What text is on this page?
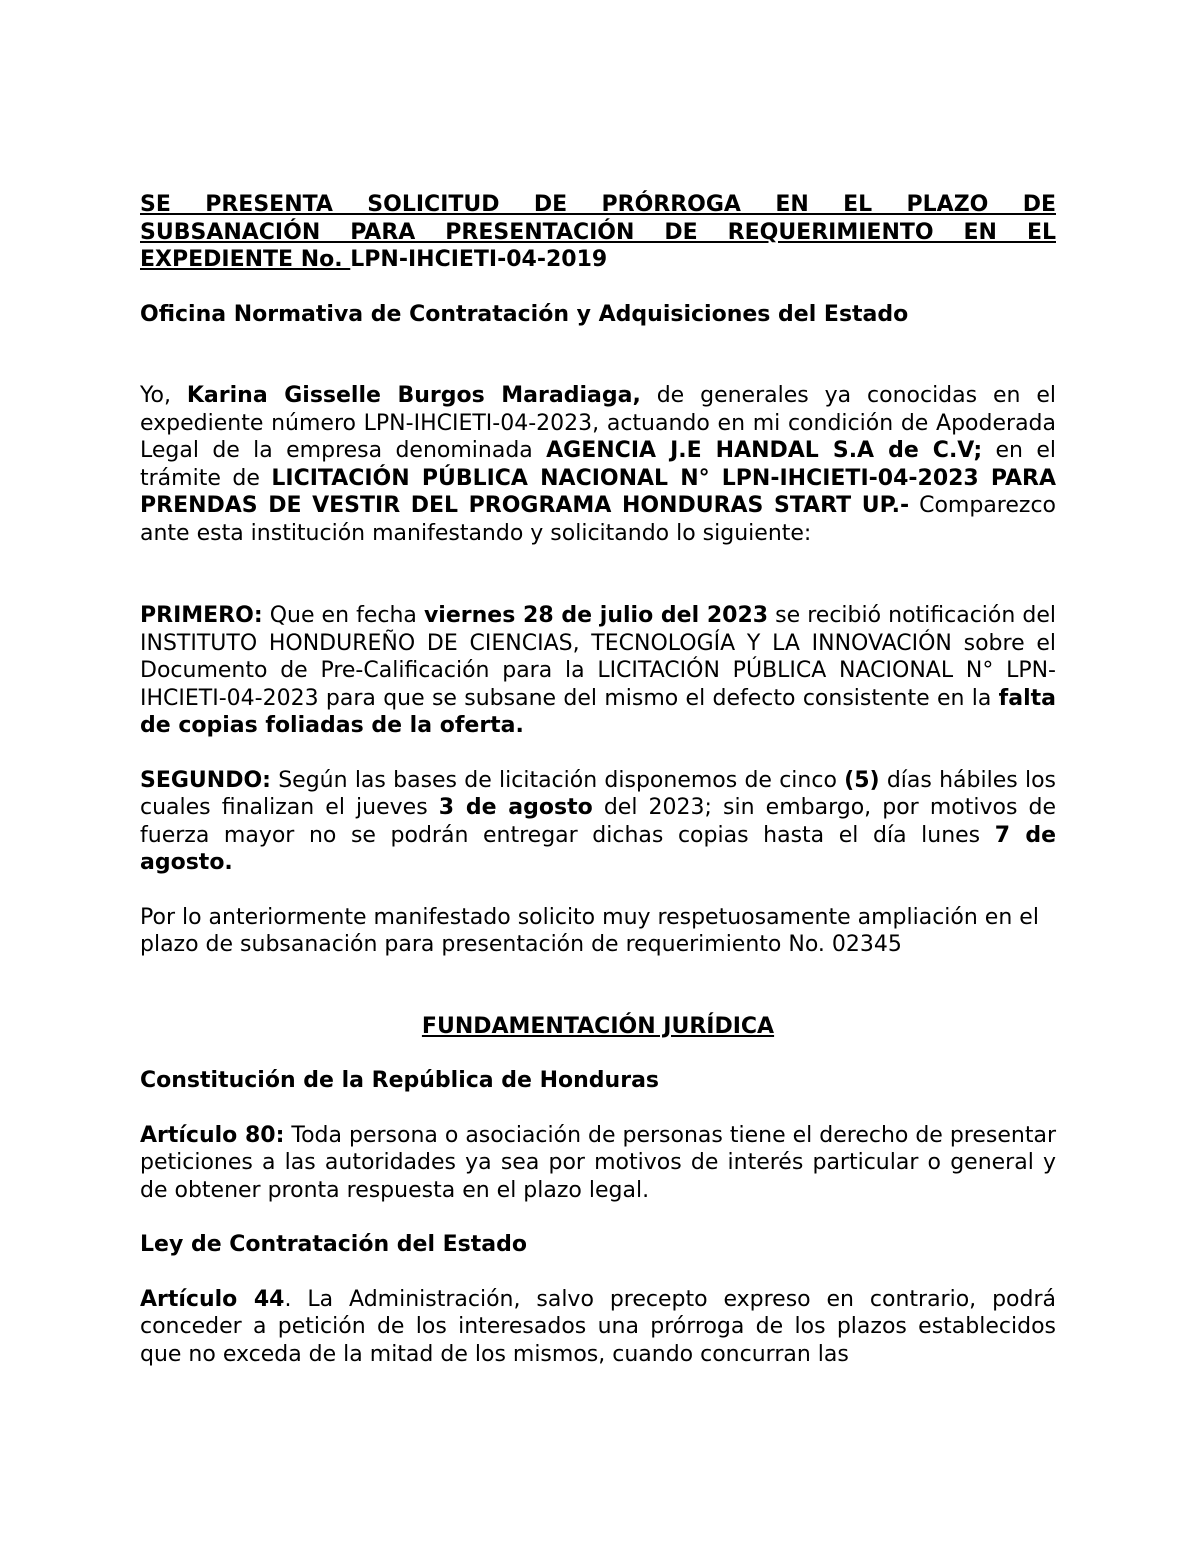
SE PRESENTA SOLICITUD DE PRÓRROGA EN EL PLAZO DE

SUBSANACIÓN PARA PRESENTACIÓN DE REQUERIMIENTO EN EL

EXPEDIENTE No. LPN-IHCIETI-04-2019

Oficina Normativa de Contratación y Adquisiciones del Estado

Yo, Karina Gisselle Burgos Maradiaga, de generales ya conocidas en el expediente número LPN-IHCIETI-04-2023, actuando en mi condición de Apoderada Legal de la empresa denominada AGENCIA J.E HANDAL S.A de C.V; en el trámite de LICITACIÓN PÚBLICA NACIONAL N° LPN-IHCIETI-04-2023 PARA PRENDAS DE VESTIR DEL PROGRAMA HONDURAS START UP.- Comparezco ante esta institución manifestando y solicitando lo siguiente:

PRIMERO: Que en fecha viernes 28 de julio del 2023 se recibió notificación del INSTITUTO HONDUREÑO DE CIENCIAS, TECNOLOGÍA Y LA INNOVACIÓN sobre el Documento de Pre-Calificación para la LICITACIÓN PÚBLICA NACIONAL N° LPN-IHCIETI-04-2023 para que se subsane del mismo el defecto consistente en la falta de copias foliadas de la oferta.

SEGUNDO: Según las bases de licitación disponemos de cinco (5) días hábiles los cuales finalizan el jueves 3 de agosto del 2023; sin embargo, por motivos de fuerza mayor no se podrán entregar dichas copias hasta el día lunes 7 de agosto.

Por lo anteriormente manifestado solicito muy respetuosamente ampliación en el plazo de subsanación para presentación de requerimiento No. 02345

FUNDAMENTACIÓN JURÍDICA

Constitución de la República de Honduras

Artículo 80: Toda persona o asociación de personas tiene el derecho de presentar peticiones a las autoridades ya sea por motivos de interés particular o general y de obtener pronta respuesta en el plazo legal.

Ley de Contratación del Estado

Artículo 44. La Administración, salvo precepto expreso en contrario, podrá conceder a petición de los interesados una prórroga de los plazos establecidos que no exceda de la mitad de los mismos, cuando concurran las
